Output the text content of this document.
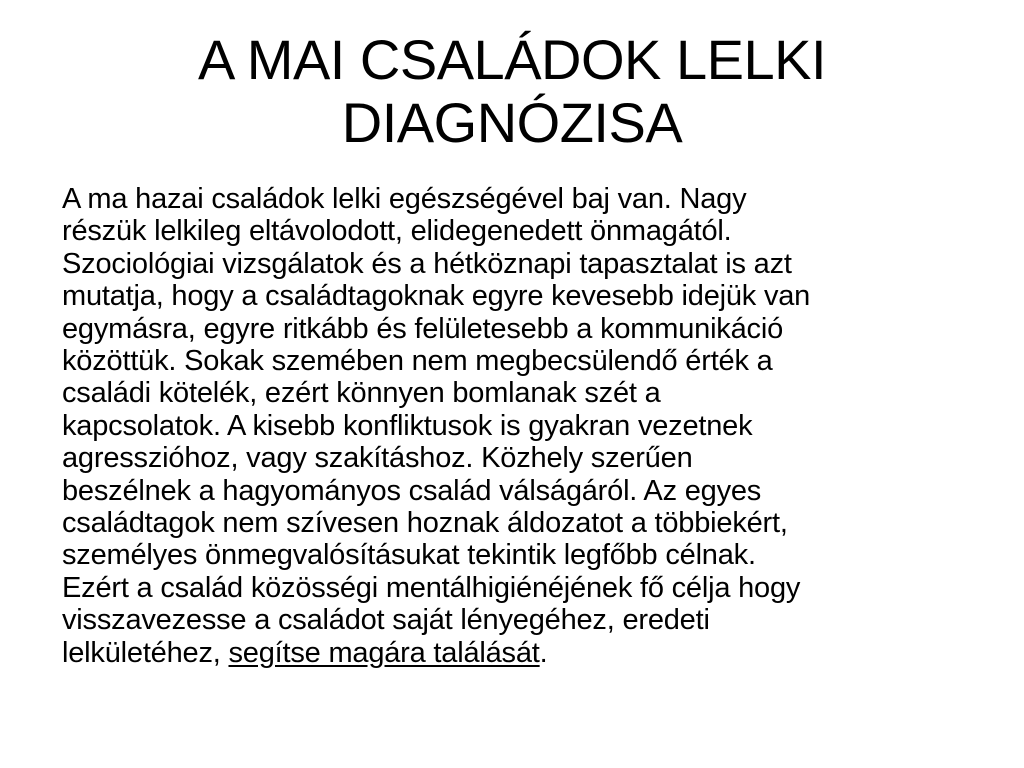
A MAI CSALÁDOK LELKI
DIAGNÓZISA
A ma hazai családok lelki egészségével baj van. Nagy
részük lelkileg eltávolodott, elidegenedett önmagától.
Szociológiai vizsgálatok és a hétköznapi tapasztalat is azt
mutatja, hogy a családtagoknak egyre kevesebb idejük van
egymásra, egyre ritkább és felületesebb a kommunikáció
közöttük. Sokak szemében nem megbecsülendő érték a
családi kötelék, ezért könnyen bomlanak szét a
kapcsolatok. A kisebb konfliktusok is gyakran vezetnek
agresszióhoz, vagy szakításhoz. Közhely szerűen
beszélnek a hagyományos család válságáról. Az egyes
családtagok nem szívesen hoznak áldozatot a többiekért,
személyes önmegvalósításukat tekintik legfőbb célnak.
Ezért a család közösségi mentálhigiénéjének fő célja hogy
visszavezesse a családot saját lényegéhez, eredeti
lelkületéhez, segítse magára találását.
